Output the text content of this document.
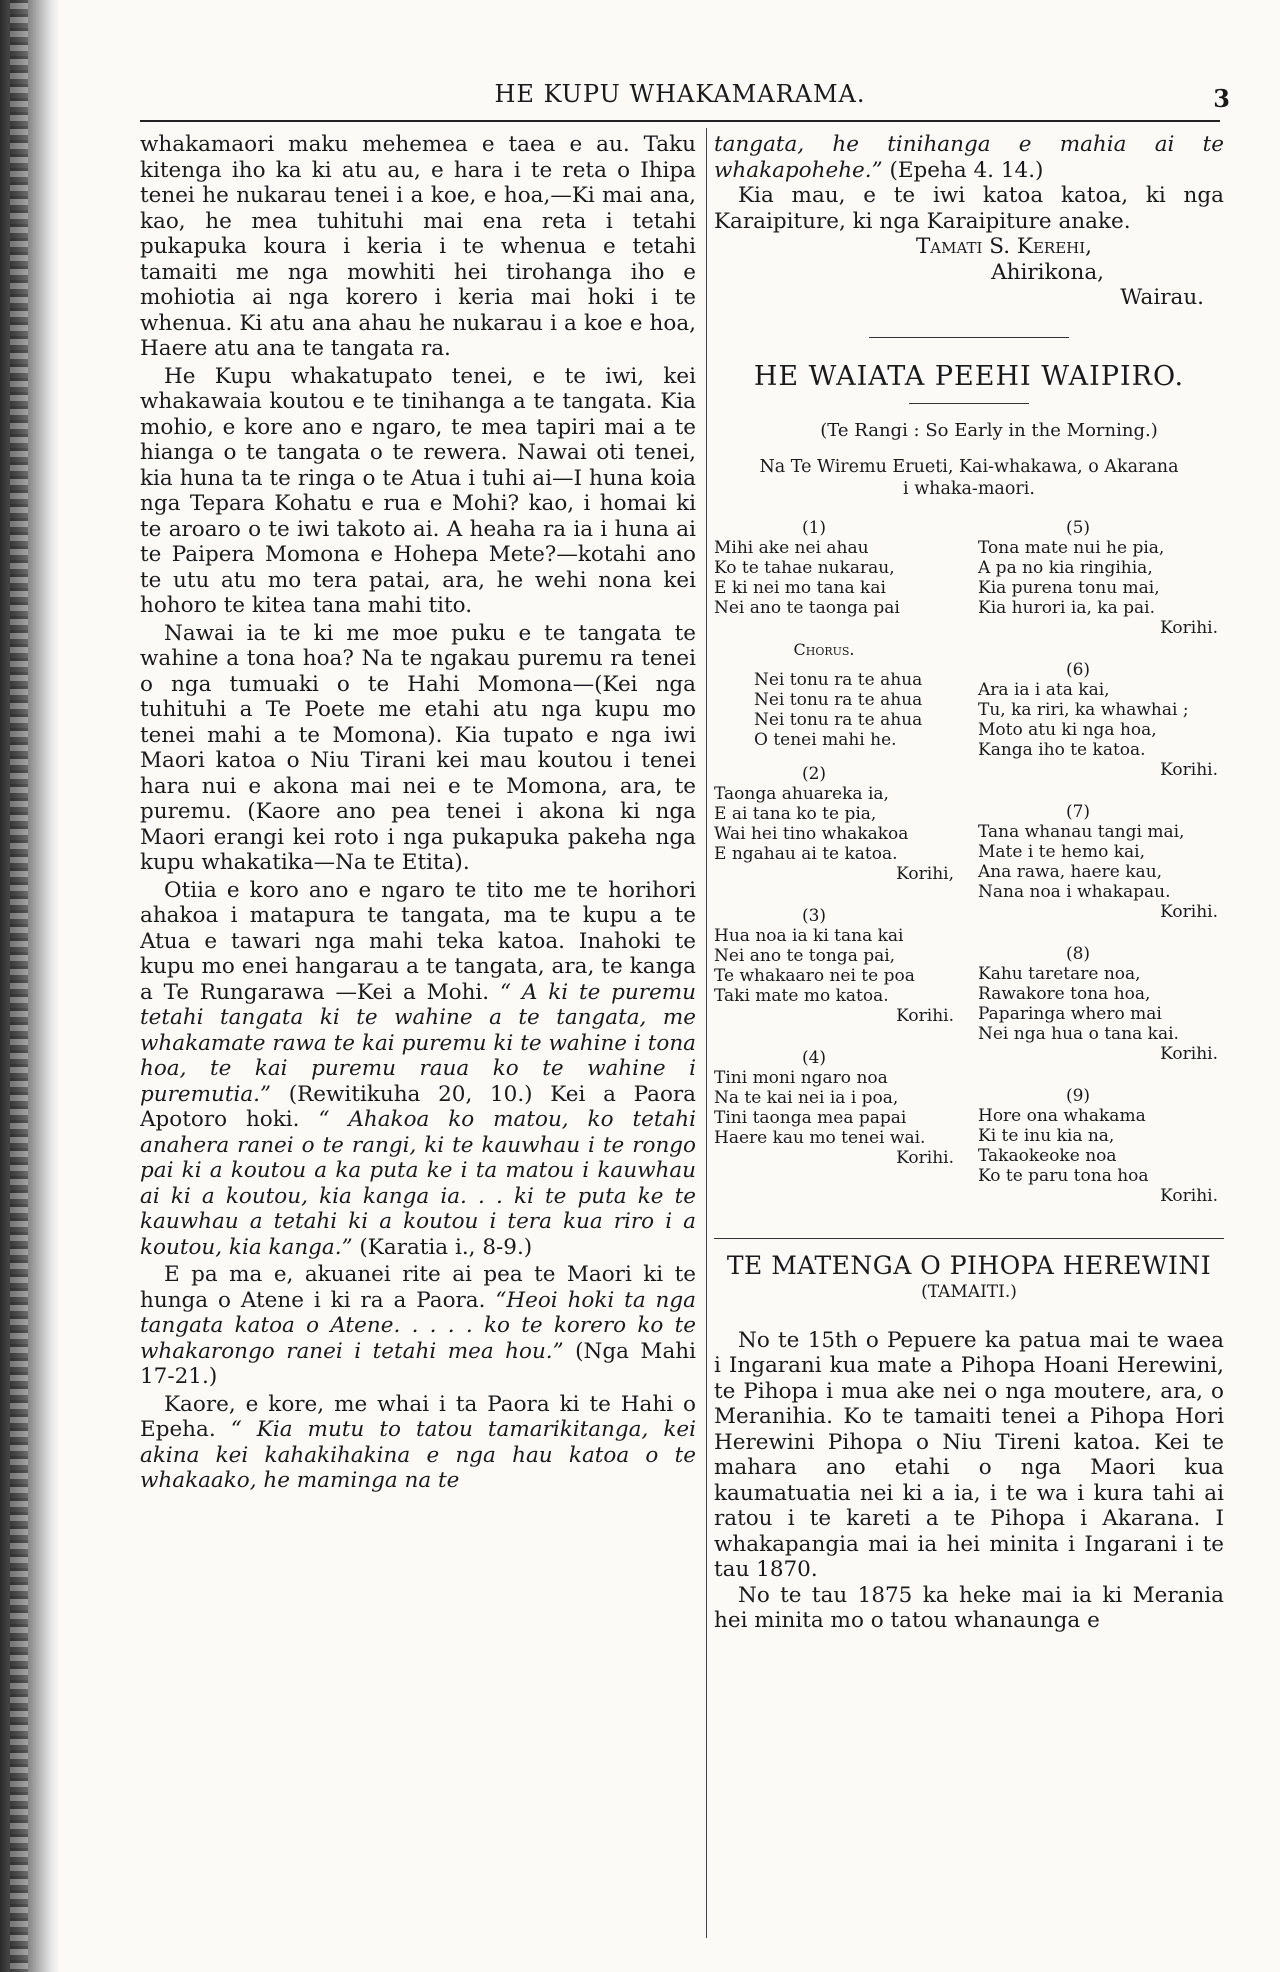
HE KUPU WHAKAMARAMA.	3

whakamaori maku mehemea e taea e au. Taku kitenga iho ka ki atu au, e hara i te reta o Ihipa tenei he nukarau tenei i a koe, e hoa,—Ki mai ana, kao, he mea tuhituhi mai ena reta i tetahi pukapuka koura i keria i te whenua e tetahi tamaiti me nga mowhiti hei tirohanga iho e mohiotia ai nga korero i keria mai hoki i te whenua. Ki atu ana ahau he nukarau i a koe e hoa, Haere atu ana te tangata ra.

He Kupu whakatupato tenei, e te iwi, kei whakawaia koutou e te tinihanga a te tangata. Kia mohio, e kore ano e ngaro, te mea tapiri mai a te hianga o te tangata o te rewera. Nawai oti tenei, kia huna ta te ringa o te Atua i tuhi ai—I huna koia nga Tepara Kohatu e rua e Mohi? kao, i homai ki te aroaro o te iwi takoto ai. A heaha ra ia i huna ai te Paipera Momona e Hohepa Mete?—kotahi ano te utu atu mo tera patai, ara, he wehi nona kei hohoro te kitea tana mahi tito.

Nawai ia te ki me moe puku e te tangata te wahine a tona hoa? Na te ngakau puremu ra tenei o nga tumuaki o te Hahi Momona—(Kei nga tuhituhi a Te Poete me etahi atu nga kupu mo tenei mahi a te Momona). Kia tupato e nga iwi Maori katoa o Niu Tirani kei mau koutou i tenei hara nui e akona mai nei e te Momona, ara, te puremu. (Kaore ano pea tenei i akona ki nga Maori erangi kei roto i nga pukapuka pakeha nga kupu whakatika—Na te Etita).

Otiia e koro ano e ngaro te tito me te horihori ahakoa i matapura te tangata, ma te kupu a te Atua e tawari nga mahi teka katoa. Inahoki te kupu mo enei hangarau a te tangata, ara, te kanga a Te Rungarawa —Kei a Mohi. “ A ki te puremu tetahi tangata ki te wahine a te tangata, me whakamate rawa te kai puremu ki te wahine i tona hoa, te kai puremu raua ko te wahine i puremutia.” (Rewitikuha 20, 10.) Kei a Paora Apotoro hoki. “ Ahakoa ko matou, ko tetahi anahera ranei o te rangi, ki te kauwhau i te rongo pai ki a koutou a ka puta ke i ta matou i kauwhau ai ki a koutou, kia kanga ia. . . ki te puta ke te kauwhau a tetahi ki a koutou i tera kua riro i a koutou, kia kanga.” (Karatia i., 8-9.)

E pa ma e, akuanei rite ai pea te Maori ki te hunga o Atene i ki ra a Paora. “Heoi hoki ta nga tangata katoa o Atene. . . . . ko te korero ko te whakarongo ranei i tetahi mea hou.” (Nga Mahi 17-21.)

Kaore, e kore, me whai i ta Paora ki te Hahi o Epeha. “ Kia mutu to tatou tamarikitanga, kei akina kei kahakihakina e nga hau katoa o te whakaako, he maminga na te

tangata, he tinihanga e mahia ai te whakapohehe.” (Epeha 4. 14.)

Kia mau, e te iwi katoa katoa, ki nga Karaipiture, ki nga Karaipiture anake.

Tamati S. Kerehi,
Ahirikona,
Wairau.
HE WAIATA PEEHI WAIPIRO.
(Te Rangi : So Early in the Morning.)
Na Te Wiremu Erueti, Kai-whakawa, o Akarana
i whaka-maori.
(1)
Mihi ake nei ahau
Ko te tahae nukarau,
E ki nei mo tana kai
Nei ano te taonga pai
Chorus.
Nei tonu ra te ahua
Nei tonu ra te ahua
Nei tonu ra te ahua
O tenei mahi he.
(2)
Taonga ahuareka ia,
E ai tana ko te pia,
Wai hei tino whakakoa
E ngahau ai te katoa.
Korihi,
(3)
Hua noa ia ki tana kai
Nei ano te tonga pai,
Te whakaaro nei te poa
Taki mate mo katoa.
Korihi.
(4)
Tini moni ngaro noa
Na te kai nei ia i poa,
Tini taonga mea papai
Haere kau mo tenei wai.
Korihi.
(5)
Tona mate nui he pia,
A pa no kia ringihia,
Kia purena tonu mai,
Kia hurori ia, ka pai.
Korihi.
(6)
Ara ia i ata kai,
Tu, ka riri, ka whawhai ;
Moto atu ki nga hoa,
Kanga iho te katoa.
Korihi.
(7)
Tana whanau tangi mai,
Mate i te hemo kai,
Ana rawa, haere kau,
Nana noa i whakapau.
Korihi.
(8)
Kahu taretare noa,
Rawakore tona hoa,
Paparinga whero mai
Nei nga hua o tana kai.
Korihi.
(9)
Hore ona whakama
Ki te inu kia na,
Takaokeoke noa
Ko te paru tona hoa
Korihi.
TE MATENGA O PIHOPA HEREWINI
(TAMAITI.)

No te 15th o Pepuere ka patua mai te waea i Ingarani kua mate a Pihopa Hoani Herewini, te Pihopa i mua ake nei o nga moutere, ara, o Meranihia. Ko te tamaiti tenei a Pihopa Hori Herewini Pihopa o Niu Tireni katoa. Kei te mahara ano etahi o nga Maori kua kaumatuatia nei ki a ia, i te wa i kura tahi ai ratou i te kareti a te Pihopa i Akarana. I whakapangia mai ia hei minita i Ingarani i te tau 1870.

No te tau 1875 ka heke mai ia ki Merania hei minita mo o tatou whanaunga e
